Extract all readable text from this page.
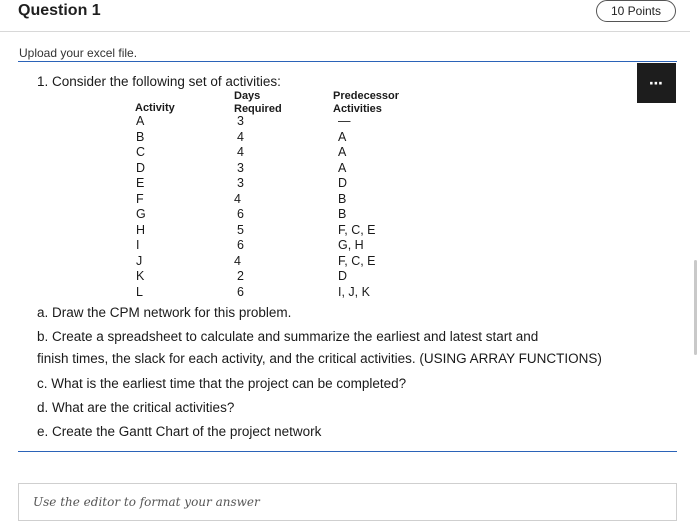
Question 1	10 Points
Upload your excel file.
⋯
1. Consider the following set of activities:
Activity
Days
Required
Predecessor
Activities
A
B
C
D
E
F
G
H
I
J
K
L
3
4
4
3
3
4
6
5
6
4
2
6
—
A
A
A
D
B
B
F, C, E
G, H
F, C, E
D
I, J, K
a. Draw the CPM network for this problem.
b. Create a spreadsheet to calculate and summarize the earliest and latest start and
finish times, the slack for each activity, and the critical activities. (USING ARRAY FUNCTIONS)
c. What is the earliest time that the project can be completed?
d. What are the critical activities?
e. Create the Gantt Chart of the project network
Use the editor to format your answer
